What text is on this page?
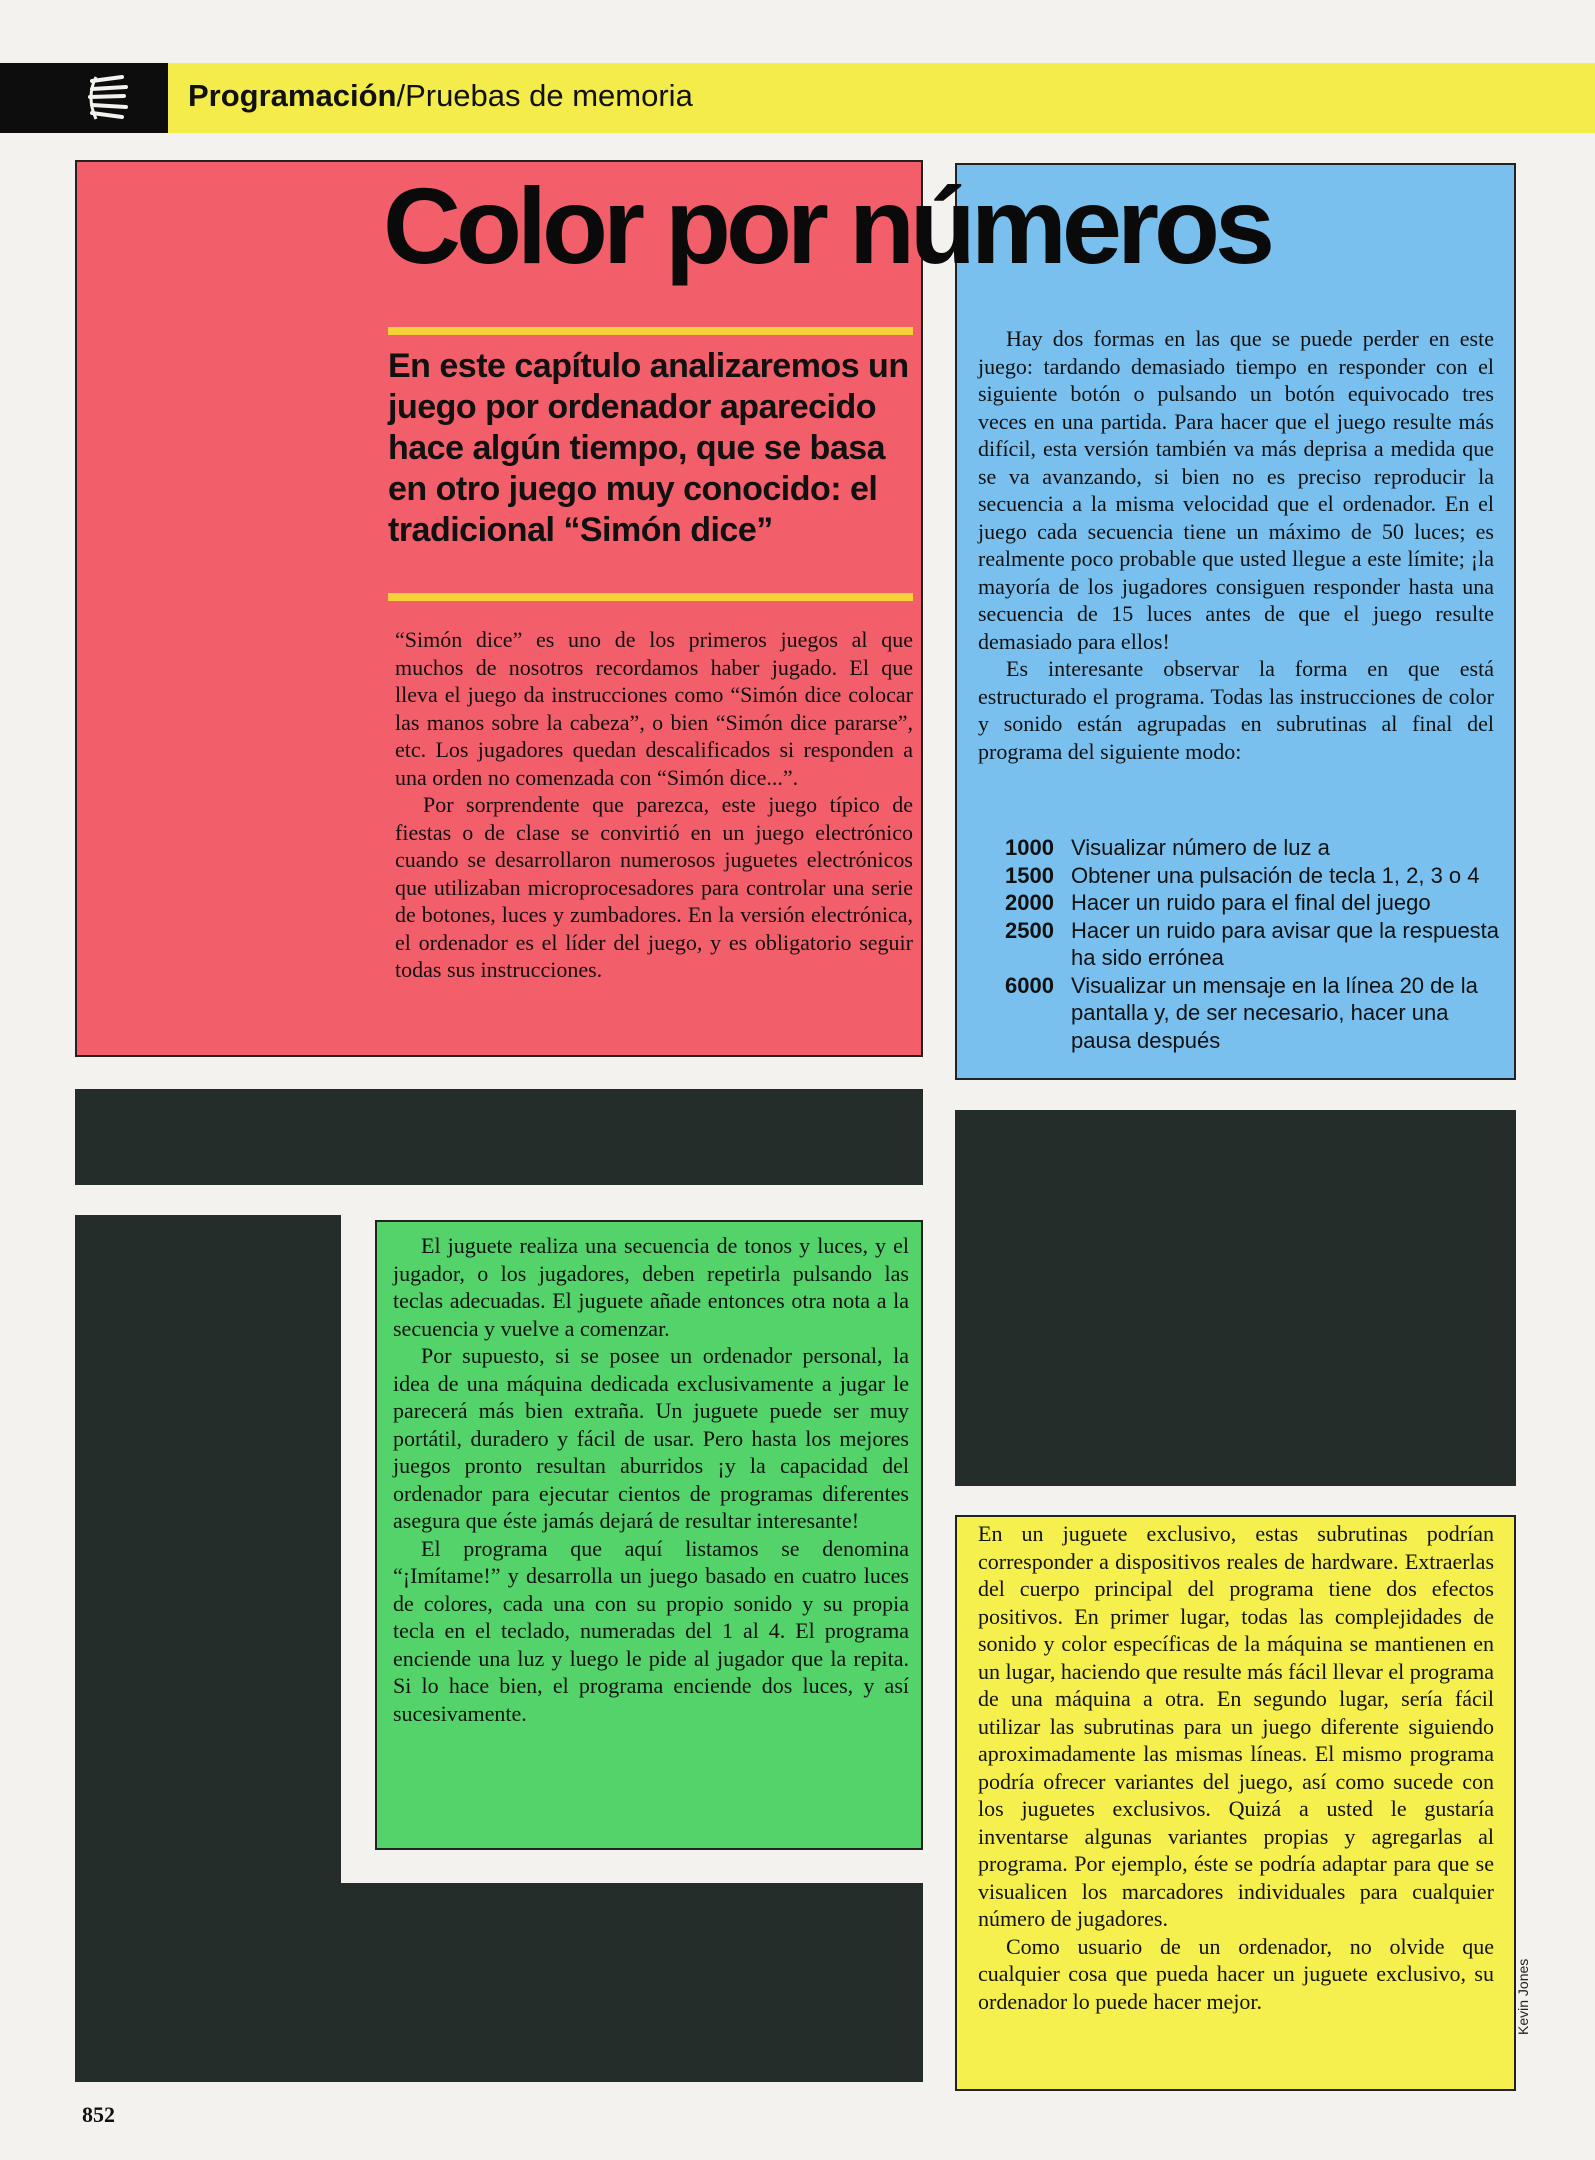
Programación/Pruebas de memoria
Color por números
En este capítulo analizaremos un juego por ordenador aparecido hace algún tiempo, que se basa en otro juego muy conocido: el tradicional “Simón dice”

“Simón dice” es uno de los primeros juegos al que muchos de nosotros recordamos haber jugado. El que lleva el juego da instrucciones como “Simón dice colocar las manos sobre la cabeza”, o bien “Simón dice pararse”, etc. Los jugadores quedan descalificados si responden a una orden no comenzada con “Simón dice...”.

Por sorprendente que parezca, este juego típico de fiestas o de clase se convirtió en un juego electrónico cuando se desarrollaron numerosos juguetes electrónicos que utilizaban microprocesadores para controlar una serie de botones, luces y zumbadores. En la versión electrónica, el ordenador es el líder del juego, y es obligatorio seguir todas sus instrucciones.

Hay dos formas en las que se puede perder en este juego: tardando demasiado tiempo en responder con el siguiente botón o pulsando un botón equivocado tres veces en una partida. Para hacer que el juego resulte más difícil, esta versión también va más deprisa a medida que se va avanzando, si bien no es preciso reproducir la secuencia a la misma velocidad que el ordenador. En el juego cada secuencia tiene un máximo de 50 luces; es realmente poco probable que usted llegue a este límite; ¡la mayoría de los jugadores consiguen responder hasta una secuencia de 15 luces antes de que el juego resulte demasiado para ellos!

Es interesante observar la forma en que está estructurado el programa. Todas las instrucciones de color y sonido están agrupadas en subrutinas al final del programa del siguiente modo:

1000 Visualizar número de luz a
1500 Obtener una pulsación de tecla 1, 2, 3 o 4
2000 Hacer un ruido para el final del juego
2500 Hacer un ruido para avisar que la respuesta ha sido errónea
6000 Visualizar un mensaje en la línea 20 de la pantalla y, de ser necesario, hacer una pausa después

El juguete realiza una secuencia de tonos y luces, y el jugador, o los jugadores, deben repetirla pulsando las teclas adecuadas. El juguete añade entonces otra nota a la secuencia y vuelve a comenzar.

Por supuesto, si se posee un ordenador personal, la idea de una máquina dedicada exclusivamente a jugar le parecerá más bien extraña. Un juguete puede ser muy portátil, duradero y fácil de usar. Pero hasta los mejores juegos pronto resultan aburridos ¡y la capacidad del ordenador para ejecutar cientos de programas diferentes asegura que éste jamás dejará de resultar interesante!

El programa que aquí listamos se denomina “¡Imítame!” y desarrolla un juego basado en cuatro luces de colores, cada una con su propio sonido y su propia tecla en el teclado, numeradas del 1 al 4. El programa enciende una luz y luego le pide al jugador que la repita. Si lo hace bien, el programa enciende dos luces, y así sucesivamente.

En un juguete exclusivo, estas subrutinas podrían corresponder a dispositivos reales de hardware. Extraerlas del cuerpo principal del programa tiene dos efectos positivos. En primer lugar, todas las complejidades de sonido y color específicas de la máquina se mantienen en un lugar, haciendo que resulte más fácil llevar el programa de una máquina a otra. En segundo lugar, sería fácil utilizar las subrutinas para un juego diferente siguiendo aproximadamente las mismas líneas. El mismo programa podría ofrecer variantes del juego, así como sucede con los juguetes exclusivos. Quizá a usted le gustaría inventarse algunas variantes propias y agregarlas al programa. Por ejemplo, éste se podría adaptar para que se visualicen los marcadores individuales para cualquier número de jugadores.

Como usuario de un ordenador, no olvide que cualquier cosa que pueda hacer un juguete exclusivo, su ordenador lo puede hacer mejor.	Kevin Jones
852
